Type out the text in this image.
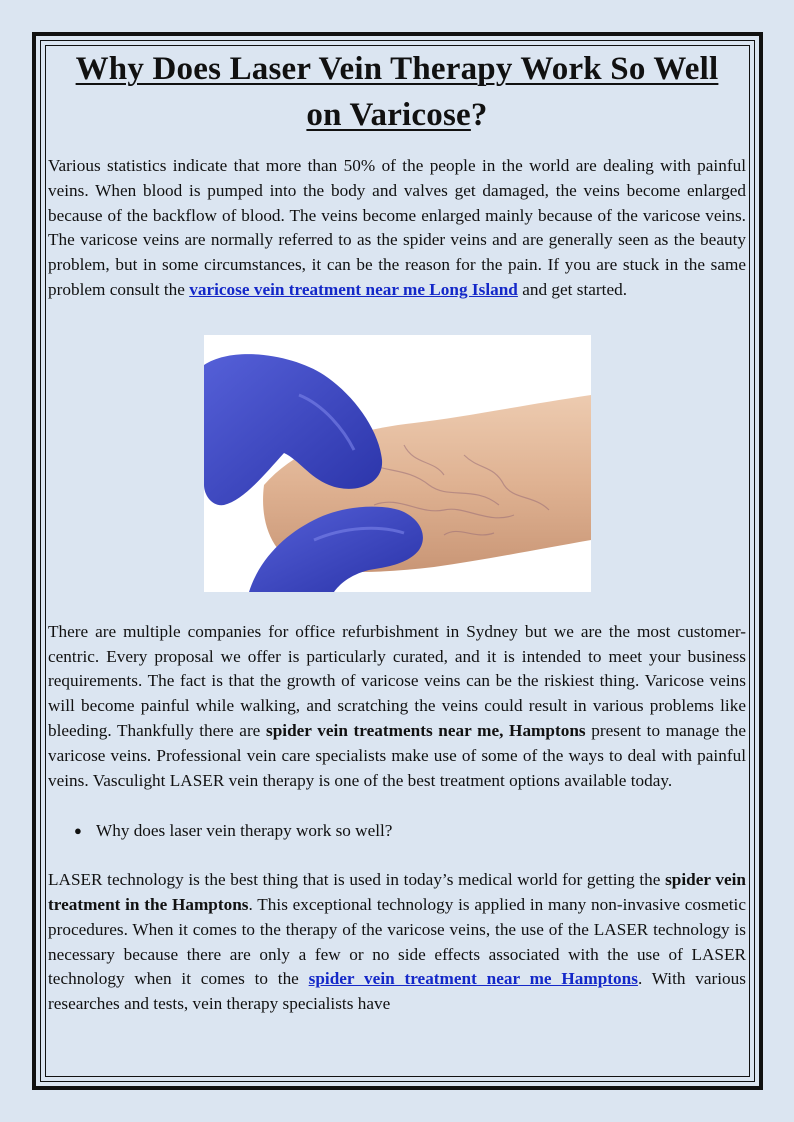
Why Does Laser Vein Therapy Work So Well
on Varicose?

Various statistics indicate that more than 50% of the people in the world are dealing with painful veins. When blood is pumped into the body and valves get damaged, the veins become enlarged because of the backflow of blood. The veins become enlarged mainly because of the varicose veins. The varicose veins are normally referred to as the spider veins and are generally seen as the beauty problem, but in some circumstances, it can be the reason for the pain. If you are stuck in the same problem consult the varicose vein treatment near me Long Island and get started.

There are multiple companies for office refurbishment in Sydney but we are the most customer-centric. Every proposal we offer is particularly curated, and it is intended to meet your business requirements. The fact is that the growth of varicose veins can be the riskiest thing. Varicose veins will become painful while walking, and scratching the veins could result in various problems like bleeding. Thankfully there are spider vein treatments near me, Hamptons present to manage the varicose veins. Professional vein care specialists make use of some of the ways to deal with painful veins. Vasculight LASER vein therapy is one of the best treatment options available today.

● Why does laser vein therapy work so well?

LASER technology is the best thing that is used in today’s medical world for getting the spider vein treatment in the Hamptons. This exceptional technology is applied in many non-invasive cosmetic procedures. When it comes to the therapy of the varicose veins, the use of the LASER technology is necessary because there are only a few or no side effects associated with the use of LASER technology when it comes to the spider vein treatment near me Hamptons. With various researches and tests, vein therapy specialists have
